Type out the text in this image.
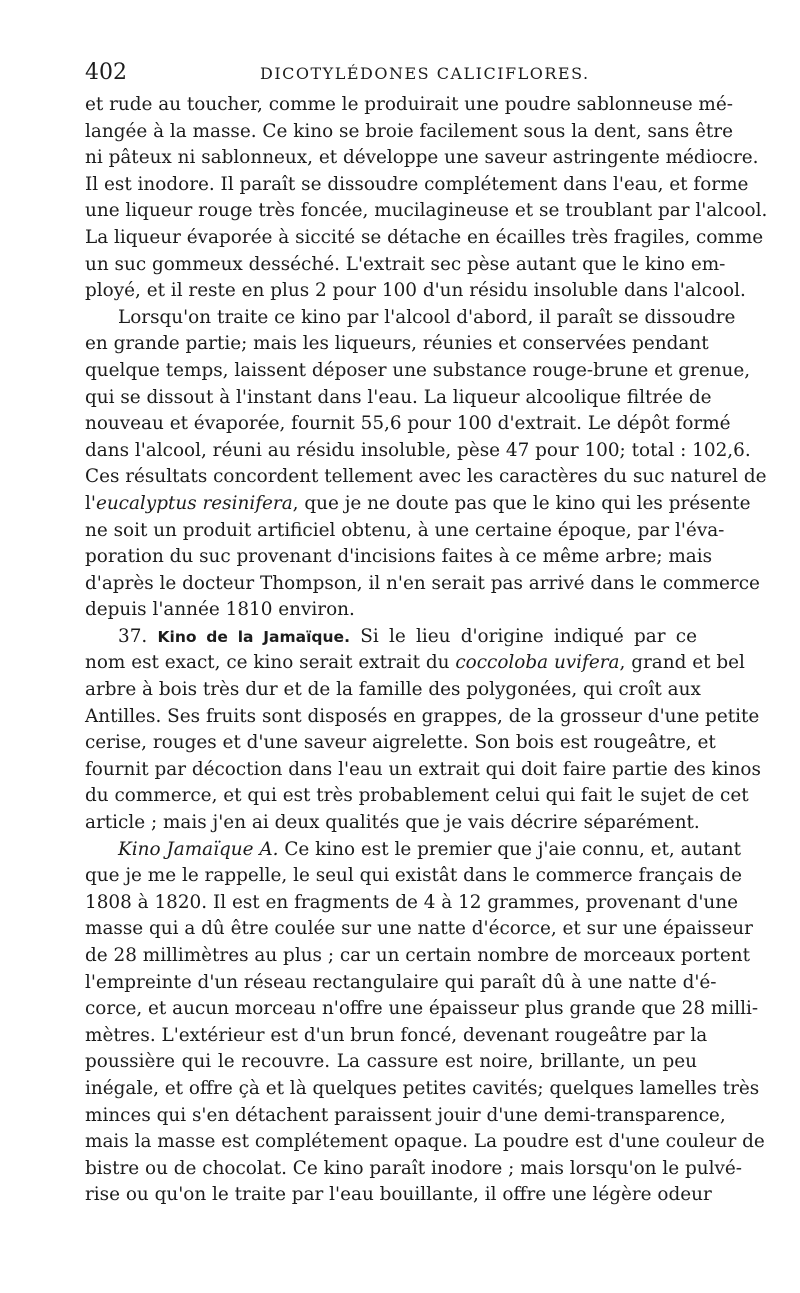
402	DICOTYLÉDONES CALICIFLORES.
et rude au toucher, comme le produirait une poudre sablonneuse mé-
langée à la masse. Ce kino se broie facilement sous la dent, sans être
ni pâteux ni sablonneux, et développe une saveur astringente médiocre.
Il est inodore. Il paraît se dissoudre complétement dans l'eau, et forme
une liqueur rouge très foncée, mucilagineuse et se troublant par l'alcool.
La liqueur évaporée à siccité se détache en écailles très fragiles, comme
un suc gommeux desséché. L'extrait sec pèse autant que le kino em-
ployé, et il reste en plus 2 pour 100 d'un résidu insoluble dans l'alcool.
Lorsqu'on traite ce kino par l'alcool d'abord, il paraît se dissoudre
en grande partie; mais les liqueurs, réunies et conservées pendant
quelque temps, laissent déposer une substance rouge-brune et grenue,
qui se dissout à l'instant dans l'eau. La liqueur alcoolique filtrée de
nouveau et évaporée, fournit 55,6 pour 100 d'extrait. Le dépôt formé
dans l'alcool, réuni au résidu insoluble, pèse 47 pour 100; total : 102,6.
Ces résultats concordent tellement avec les caractères du suc naturel de
l'eucalyptus resinifera, que je ne doute pas que le kino qui les présente
ne soit un produit artificiel obtenu, à une certaine époque, par l'éva-
poration du suc provenant d'incisions faites à ce même arbre; mais
d'après le docteur Thompson, il n'en serait pas arrivé dans le commerce
depuis l'année 1810 environ.
37. Kino de la Jamaïque. Si le lieu d'origine indiqué par ce
nom est exact, ce kino serait extrait du coccoloba uvifera, grand et bel
arbre à bois très dur et de la famille des polygonées, qui croît aux
Antilles. Ses fruits sont disposés en grappes, de la grosseur d'une petite
cerise, rouges et d'une saveur aigrelette. Son bois est rougeâtre, et
fournit par décoction dans l'eau un extrait qui doit faire partie des kinos
du commerce, et qui est très probablement celui qui fait le sujet de cet
article ; mais j'en ai deux qualités que je vais décrire séparément.
Kino Jamaïque A. Ce kino est le premier que j'aie connu, et, autant
que je me le rappelle, le seul qui existât dans le commerce français de
1808 à 1820. Il est en fragments de 4 à 12 grammes, provenant d'une
masse qui a dû être coulée sur une natte d'écorce, et sur une épaisseur
de 28 millimètres au plus ; car un certain nombre de morceaux portent
l'empreinte d'un réseau rectangulaire qui paraît dû à une natte d'é-
corce, et aucun morceau n'offre une épaisseur plus grande que 28 milli-
mètres. L'extérieur est d'un brun foncé, devenant rougeâtre par la
poussière qui le recouvre. La cassure est noire, brillante, un peu
inégale, et offre çà et là quelques petites cavités; quelques lamelles très
minces qui s'en détachent paraissent jouir d'une demi-transparence,
mais la masse est complétement opaque. La poudre est d'une couleur de
bistre ou de chocolat. Ce kino paraît inodore ; mais lorsqu'on le pulvé-
rise ou qu'on le traite par l'eau bouillante, il offre une légère odeur
